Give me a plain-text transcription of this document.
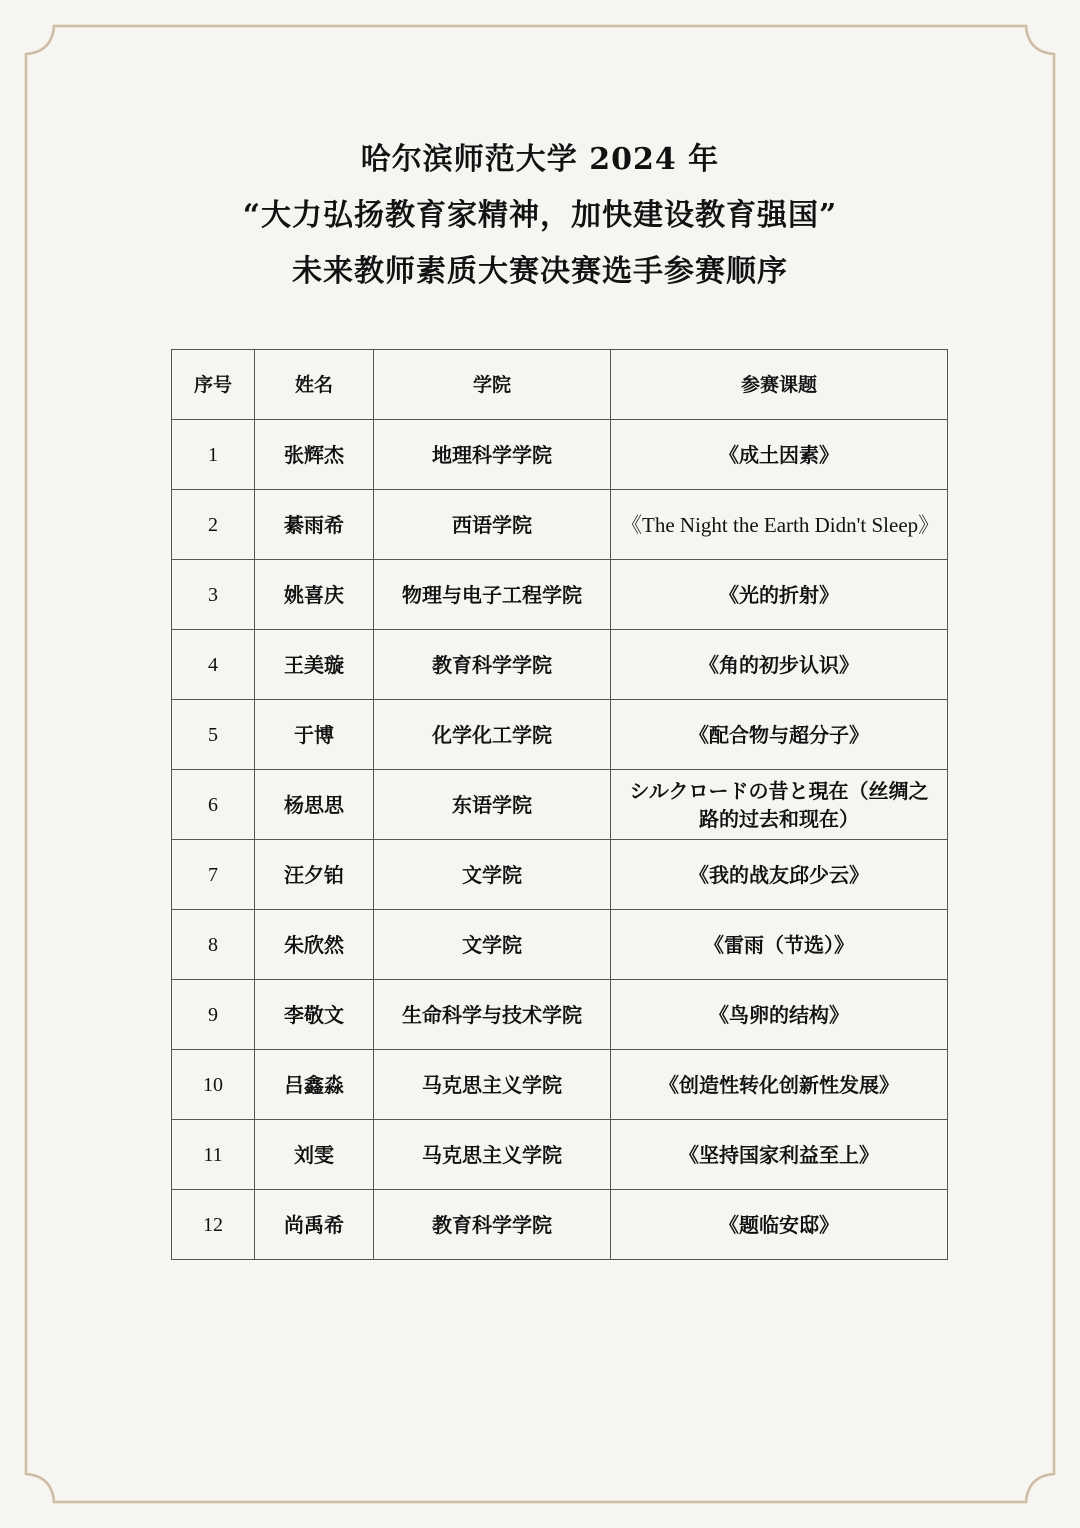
哈尔滨师范大学 2024 年
“大力弘扬教育家精神，加快建设教育强国”
未来教师素质大赛决赛选手参赛顺序
序号	姓名	学院	参赛课题
1	张辉杰	地理科学学院	《成土因素》
2	綦雨希	西语学院	《The Night the Earth Didn't Sleep》
3	姚喜庆	物理与电子工程学院	《光的折射》
4	王美璇	教育科学学院	《角的初步认识》
5	于博	化学化工学院	《配合物与超分子》
6	杨思思	东语学院	シルクロードの昔と現在（丝绸之路的过去和现在）
7	汪夕铂	文学院	《我的战友邱少云》
8	朱欣然	文学院	《雷雨（节选）》
9	李敬文	生命科学与技术学院	《鸟卵的结构》
10	吕鑫淼	马克思主义学院	《创造性转化创新性发展》
11	刘雯	马克思主义学院	《坚持国家利益至上》
12	尚禹希	教育科学学院	《题临安邸》
